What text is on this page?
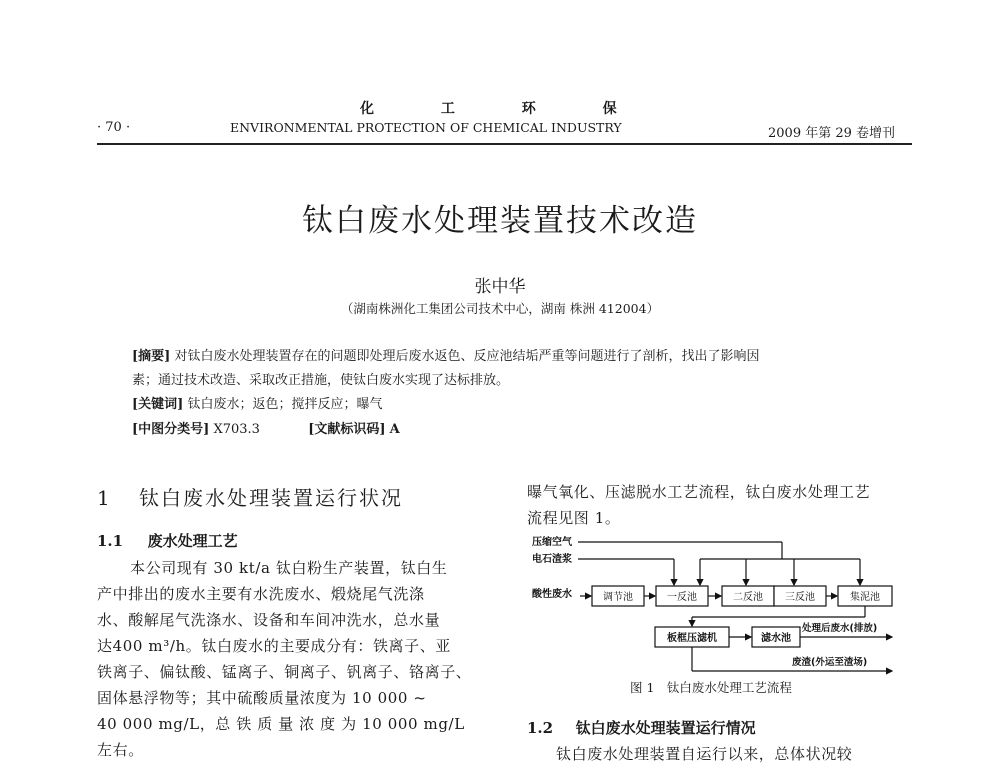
化 工 环 保
· 70 ·	ENVIRONMENTAL PROTECTION OF CHEMICAL INDUSTRY	2009 年第 29 卷增刊
钛白废水处理装置技术改造
张中华
（湖南株洲化工集团公司技术中心，湖南 株洲 412004）
[摘要] 对钛白废水处理装置存在的问题即处理后废水返色、反应池结垢严重等问题进行了剖析，找出了影响因
素；通过技术改造、采取改正措施，使钛白废水实现了达标排放。
[关键词] 钛白废水；返色；搅拌反应；曝气
[中图分类号] X703.3	[文献标识码] A
1 钛白废水处理装置运行状况
1.1 废水处理工艺
本公司现有 30 kt/a 钛白粉生产装置，钛白生
产中排出的废水主要有水洗废水、煅烧尾气洗涤
水、酸解尾气洗涤水、设备和车间冲洗水，总水量
达400 m³/h。钛白废水的主要成分有：铁离子、亚
铁离子、偏钛酸、锰离子、铜离子、钒离子、铬离子、
固体悬浮物等；其中硫酸质量浓度为 10 000 ~
40 000 mg/L，总 铁 质 量 浓 度 为 10 000 mg/L
左右。
曝气氧化、压滤脱水工艺流程，钛白废水处理工艺
流程见图 1。
压缩空气
电石渣浆
酸性废水	调节池	一反池	二反池 三反池	集泥池
板框压滤机	滤水池
处理后废水(排放)
废渣(外运至渣场)
图 1　钛白废水处理工艺流程
1.2 钛白废水处理装置运行情况
钛白废水处理装置自运行以来，总体状况较
